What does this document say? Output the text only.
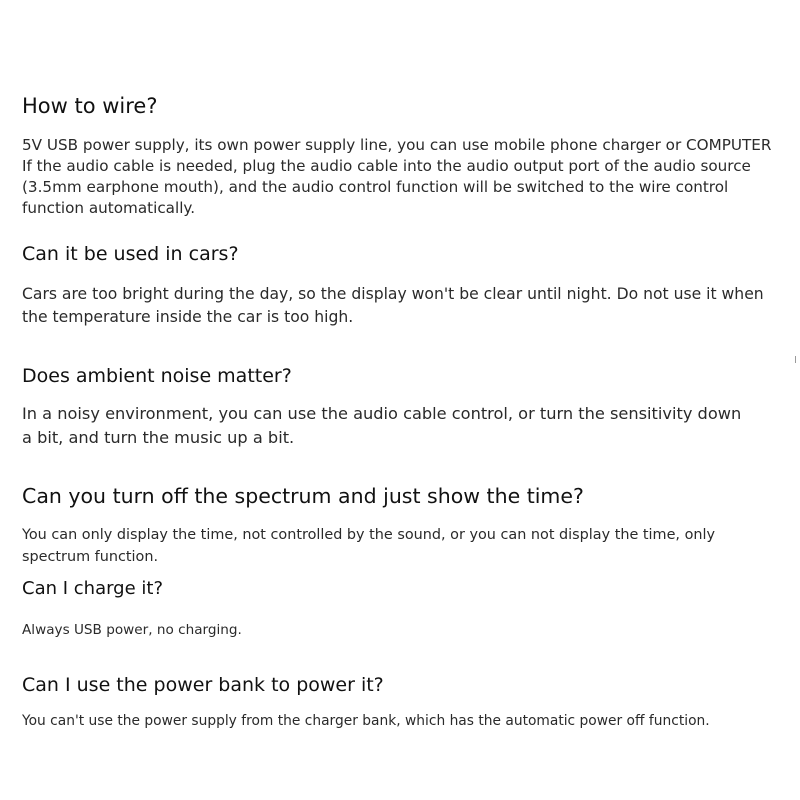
How to wire?
5V USB power supply, its own power supply line, you can use mobile phone charger or COMPUTER
If the audio cable is needed, plug the audio cable into the audio output port of the audio source
(3.5mm earphone mouth), and the audio control function will be switched to the wire control
function automatically.
Can it be used in cars?
Cars are too bright during the day, so the display won't be clear until night. Do not use it when
the temperature inside the car is too high.
Does ambient noise matter?
In a noisy environment, you can use the audio cable control, or turn the sensitivity down
a bit, and turn the music up a bit.
Can you turn off the spectrum and just show the time?
You can only display the time, not controlled by the sound, or you can not display the time, only
spectrum function.
Can I charge it?
Always USB power, no charging.
Can I use the power bank to power it?
You can't use the power supply from the charger bank, which has the automatic power off function.
